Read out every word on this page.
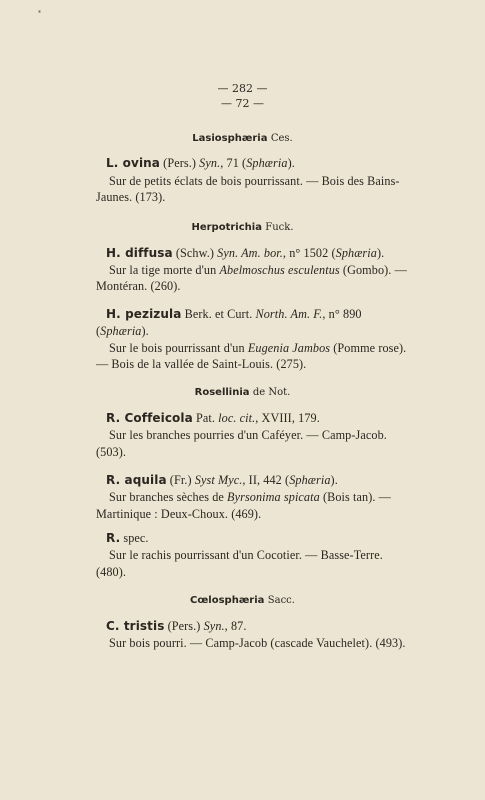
*
— 282 —
— 72 —
Lasiosphæria Ces.
L. ovina (Pers.) Syn., 71 (Sphæria).
Sur de petits éclats de bois pourrissant. — Bois des Bains-
Jaunes. (173).
Herpotrichia Fuck.
H. diffusa (Schw.) Syn. Am. bor., n° 1502 (Sphæria).
Sur la tige morte d'un Abelmoschus esculentus (Gombo). —
Montéran. (260).
H. pezizula Berk. et Curt. North. Am. F., n° 890
(Sphæria).
Sur le bois pourrissant d'un Eugenia Jambos (Pomme rose).
— Bois de la vallée de Saint-Louis. (275).
Rosellinia de Not.
R. Coffeicola Pat. loc. cit., XVIII, 179.
Sur les branches pourries d'un Caféyer. — Camp-Jacob.
(503).
R. aquila (Fr.) Syst Myc., II, 442 (Sphæria).
Sur branches sèches de Byrsonima spicata (Bois tan). —
Martinique : Deux-Choux. (469).
R. spec.
Sur le rachis pourrissant d'un Cocotier. — Basse-Terre.
(480).
Cœlosphæria Sacc.
C. tristis (Pers.) Syn., 87.
Sur bois pourri. — Camp-Jacob (cascade Vauchelet). (493).
